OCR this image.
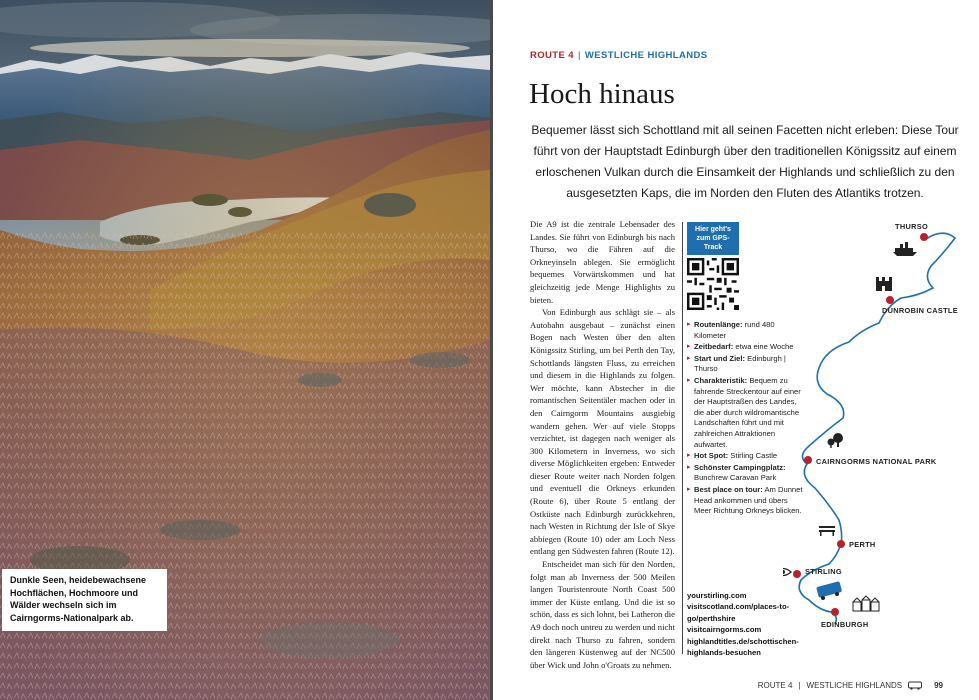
Dunkle Seen, heidebewachsene Hochflächen, Hochmoore und Wälder wechseln sich im Cairngorms-Nationalpark ab.
ROUTE 4 | WESTLICHE HIGHLANDS
Hoch hinaus

Bequemer lässt sich Schottland mit all seinen Facetten nicht erleben: Diese Tour führt von der Hauptstadt Edinburgh über den traditionellen Königssitz auf einem erloschenen Vulkan durch die Einsamkeit der Highlands und schließlich zu den ausgesetzten Kaps, die im Norden den Fluten des Atlantiks trotzen.

Die A9 ist die zentrale Lebensader des Landes. Sie führt von Edinburgh bis nach Thurso, wo die Fähren auf die Orkneyinseln ablegen. Sie ermöglicht bequemes Vorwärtskommen und hat gleichzeitig jede Menge Highlights zu bieten.

Von Edinburgh aus schlägt sie – als Autobahn ausgebaut – zunächst einen Bogen nach Westen über den alten Königssitz Stirling, um bei Perth den Tay, Schottlands längsten Fluss, zu erreichen und diesem in die Highlands zu folgen. Wer möchte, kann Abstecher in die romantischen Seitentäler machen oder in den Cairngorm Mountains ausgiebig wandern gehen. Wer auf viele Stopps verzichtet, ist dagegen nach weniger als 300 Kilometern in Inverness, wo sich diverse Möglichkeiten ergeben: Entweder dieser Route weiter nach Norden folgen und eventuell die Orkneys erkunden (Route 6), über Route 5 entlang der Ostküste nach Edinburgh zurückkehren, nach Westen in Richtung der Isle of Skye abbiegen (Route 10) oder am Loch Ness entlang gen Südwesten fahren (Route 12).

Entscheidet man sich für den Norden, folgt man ab Inverness der 500 Meilen langen Touristenroute North Coast 500 immer der Küste entlang. Und die ist so schön, dass es sich lohnt, bei Latheron die A9 doch noch untreu zu werden und nicht direkt nach Thurso zu fahren, sondern den längeren Küstenweg auf der NC500 über Wick und John o'Groats zu nehmen.

Hier geht's zum GPS-Track
▸ Routenlänge: rund 480 Kilometer
▸ Zeitbedarf: etwa eine Woche
▸ Start und Ziel: Edinburgh | Thurso
▸ Charakteristik: Bequem zu fahrende Streckentour auf einer der Hauptstraßen des Landes, die aber durch wildromantische Landschaften führt und mit zahlreichen Attraktionen aufwartet.
▸ Hot Spot: Stirling Castle
▸ Schönster Campingplatz: Bunchrew Caravan Park
▸ Best place on tour: Am Dunnet Head ankommen und übers Meer Richtung Orkneys blicken.
yourstirling.com
visitscotland.com/places-to-go/perthshire
visitcairngorms.com
highlandtitles.de/schottischen-highlands-besuchen
THURSO
DUNROBIN CASTLE
CAIRNGORMS NATIONAL PARK
PERTH
STIRLING
EDINBURGH
ROUTE 4 | WESTLICHE HIGHLANDS	99
